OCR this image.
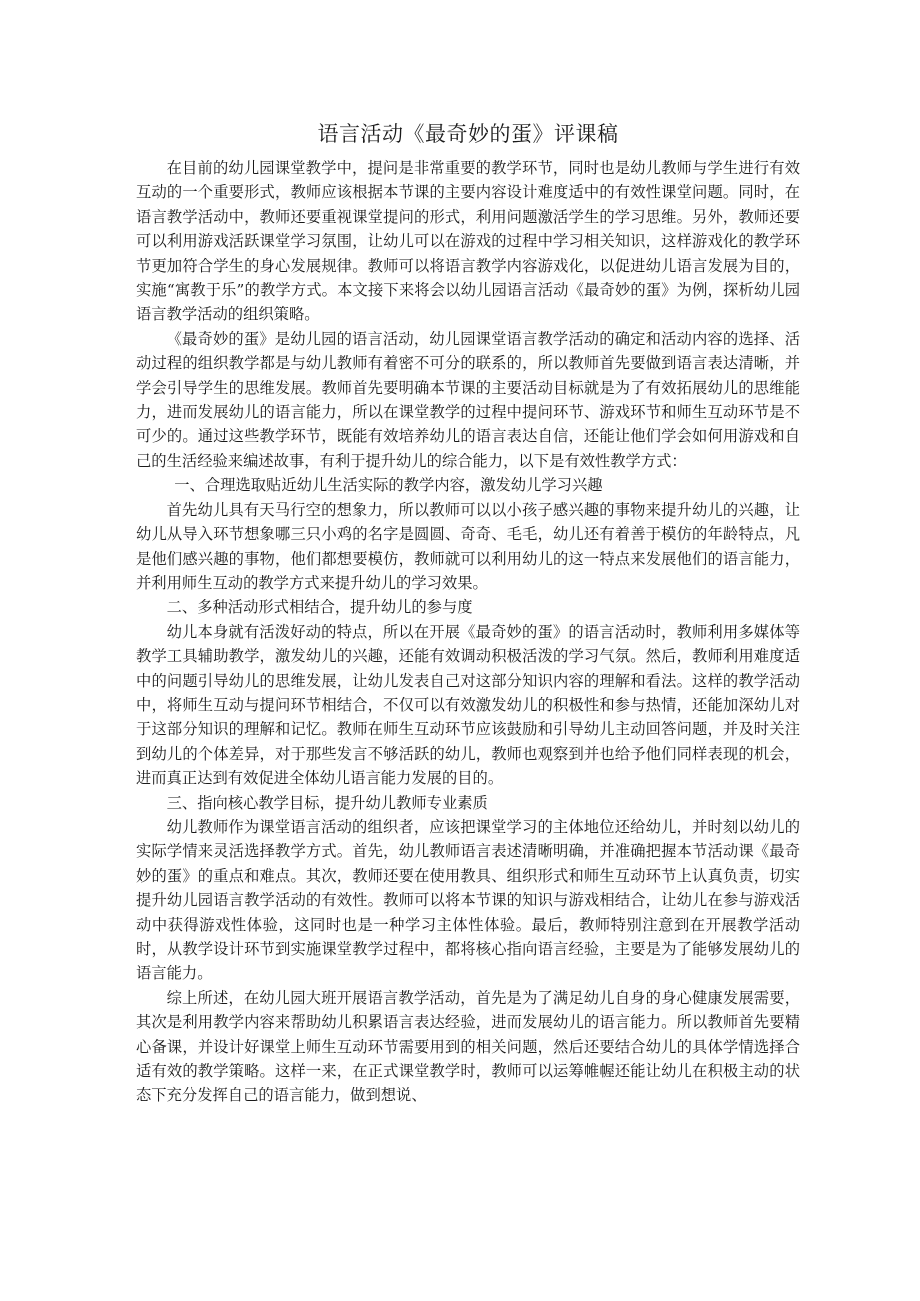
语言活动《最奇妙的蛋》评课稿

在目前的幼儿园课堂教学中，提问是非常重要的教学环节，同时也是幼儿教师与学生进行有效互动的一个重要形式，教师应该根据本节课的主要内容设计难度适中的有效性课堂问题。同时，在语言教学活动中，教师还要重视课堂提问的形式，利用问题激活学生的学习思维。另外，教师还要可以利用游戏活跃课堂学习氛围，让幼儿可以在游戏的过程中学习相关知识，这样游戏化的教学环节更加符合学生的身心发展规律。教师可以将语言教学内容游戏化，以促进幼儿语言发展为目的，实施“寓教于乐”的教学方式。本文接下来将会以幼儿园语言活动《最奇妙的蛋》为例，探析幼儿园语言教学活动的组织策略。

《最奇妙的蛋》是幼儿园的语言活动，幼儿园课堂语言教学活动的确定和活动内容的选择、活动过程的组织教学都是与幼儿教师有着密不可分的联系的，所以教师首先要做到语言表达清晰，并学会引导学生的思维发展。教师首先要明确本节课的主要活动目标就是为了有效拓展幼儿的思维能力，进而发展幼儿的语言能力，所以在课堂教学的过程中提问环节、游戏环节和师生互动环节是不可少的。通过这些教学环节，既能有效培养幼儿的语言表达自信，还能让他们学会如何用游戏和自己的生活经验来编述故事，有利于提升幼儿的综合能力，以下是有效性教学方式：

一、合理选取贴近幼儿生活实际的教学内容，激发幼儿学习兴趣

首先幼儿具有天马行空的想象力，所以教师可以以小孩子感兴趣的事物来提升幼儿的兴趣，让幼儿从导入环节想象哪三只小鸡的名字是圆圆、奇奇、毛毛，幼儿还有着善于模仿的年龄特点，凡是他们感兴趣的事物，他们都想要模仿，教师就可以利用幼儿的这一特点来发展他们的语言能力，并利用师生互动的教学方式来提升幼儿的学习效果。

二、多种活动形式相结合，提升幼儿的参与度

幼儿本身就有活泼好动的特点，所以在开展《最奇妙的蛋》的语言活动时，教师利用多媒体等教学工具辅助教学，激发幼儿的兴趣，还能有效调动积极活泼的学习气氛。然后，教师利用难度适中的问题引导幼儿的思维发展，让幼儿发表自己对这部分知识内容的理解和看法。这样的教学活动中，将师生互动与提问环节相结合，不仅可以有效激发幼儿的积极性和参与热情，还能加深幼儿对于这部分知识的理解和记忆。教师在师生互动环节应该鼓励和引导幼儿主动回答问题，并及时关注到幼儿的个体差异，对于那些发言不够活跃的幼儿，教师也观察到并也给予他们同样表现的机会，进而真正达到有效促进全体幼儿语言能力发展的目的。

三、指向核心教学目标，提升幼儿教师专业素质

幼儿教师作为课堂语言活动的组织者，应该把课堂学习的主体地位还给幼儿，并时刻以幼儿的实际学情来灵活选择教学方式。首先，幼儿教师语言表述清晰明确，并准确把握本节活动课《最奇妙的蛋》的重点和难点。其次，教师还要在使用教具、组织形式和师生互动环节上认真负责，切实提升幼儿园语言教学活动的有效性。教师可以将本节课的知识与游戏相结合，让幼儿在参与游戏活动中获得游戏性体验，这同时也是一种学习主体性体验。最后，教师特别注意到在开展教学活动时，从教学设计环节到实施课堂教学过程中，都将核心指向语言经验，主要是为了能够发展幼儿的语言能力。

综上所述，在幼儿园大班开展语言教学活动，首先是为了满足幼儿自身的身心健康发展需要，其次是利用教学内容来帮助幼儿积累语言表达经验，进而发展幼儿的语言能力。所以教师首先要精心备课，并设计好课堂上师生互动环节需要用到的相关问题，然后还要结合幼儿的具体学情选择合适有效的教学策略。这样一来，在正式课堂教学时，教师可以运筹帷幄还能让幼儿在积极主动的状态下充分发挥自己的语言能力，做到想说、
